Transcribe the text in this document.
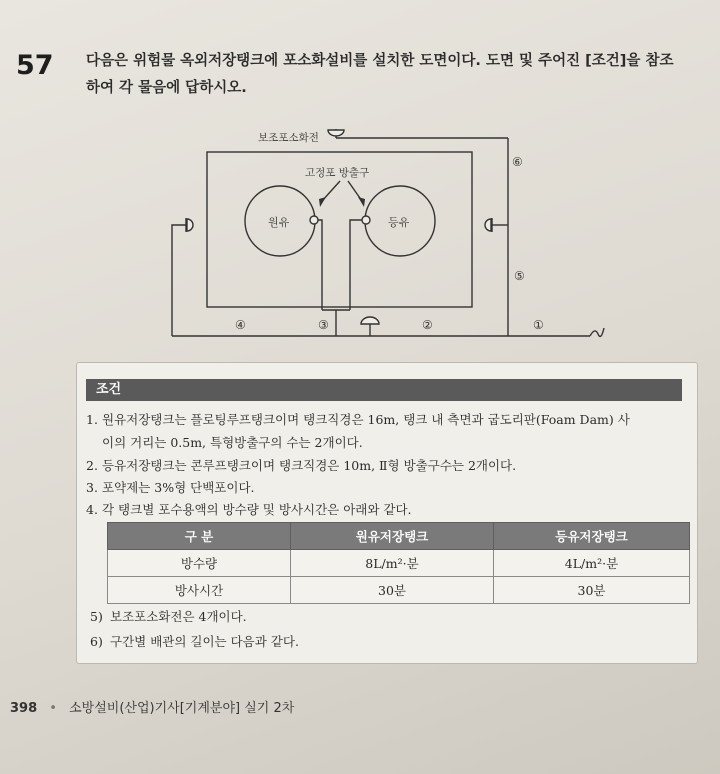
57 다음은 위험물 옥외저장탱크에 포소화설비를 설치한 도면이다. 도면 및 주어진 [조건]을 참조하여 각 물음에 답하시오.
보조포소화전
고정포 방출구
원유	등유
④	③	②	①
⑤
⑥
조건
1. 원유저장탱크는 플로팅루프탱크이며 탱크직경은 16m, 탱크 내 측면과 굽도리판(Foam Dam) 사
이의 거리는 0.5m, 특형방출구의 수는 2개이다.
2. 등유저장탱크는 콘루프탱크이며 탱크직경은 10m, Ⅱ형 방출구수는 2개이다.
3. 포약제는 3%형 단백포이다.
4. 각 탱크별 포수용액의 방수량 및 방사시간은 아래와 같다.
구 분	원유저장탱크	등유저장탱크
방수량	8L/m²·분	4L/m²·분
방사시간	30분	30분
5) 보조포소화전은 4개이다.
6) 구간별 배관의 길이는 다음과 같다.
398 • 소방설비(산업)기사[기계분야] 실기 2차
